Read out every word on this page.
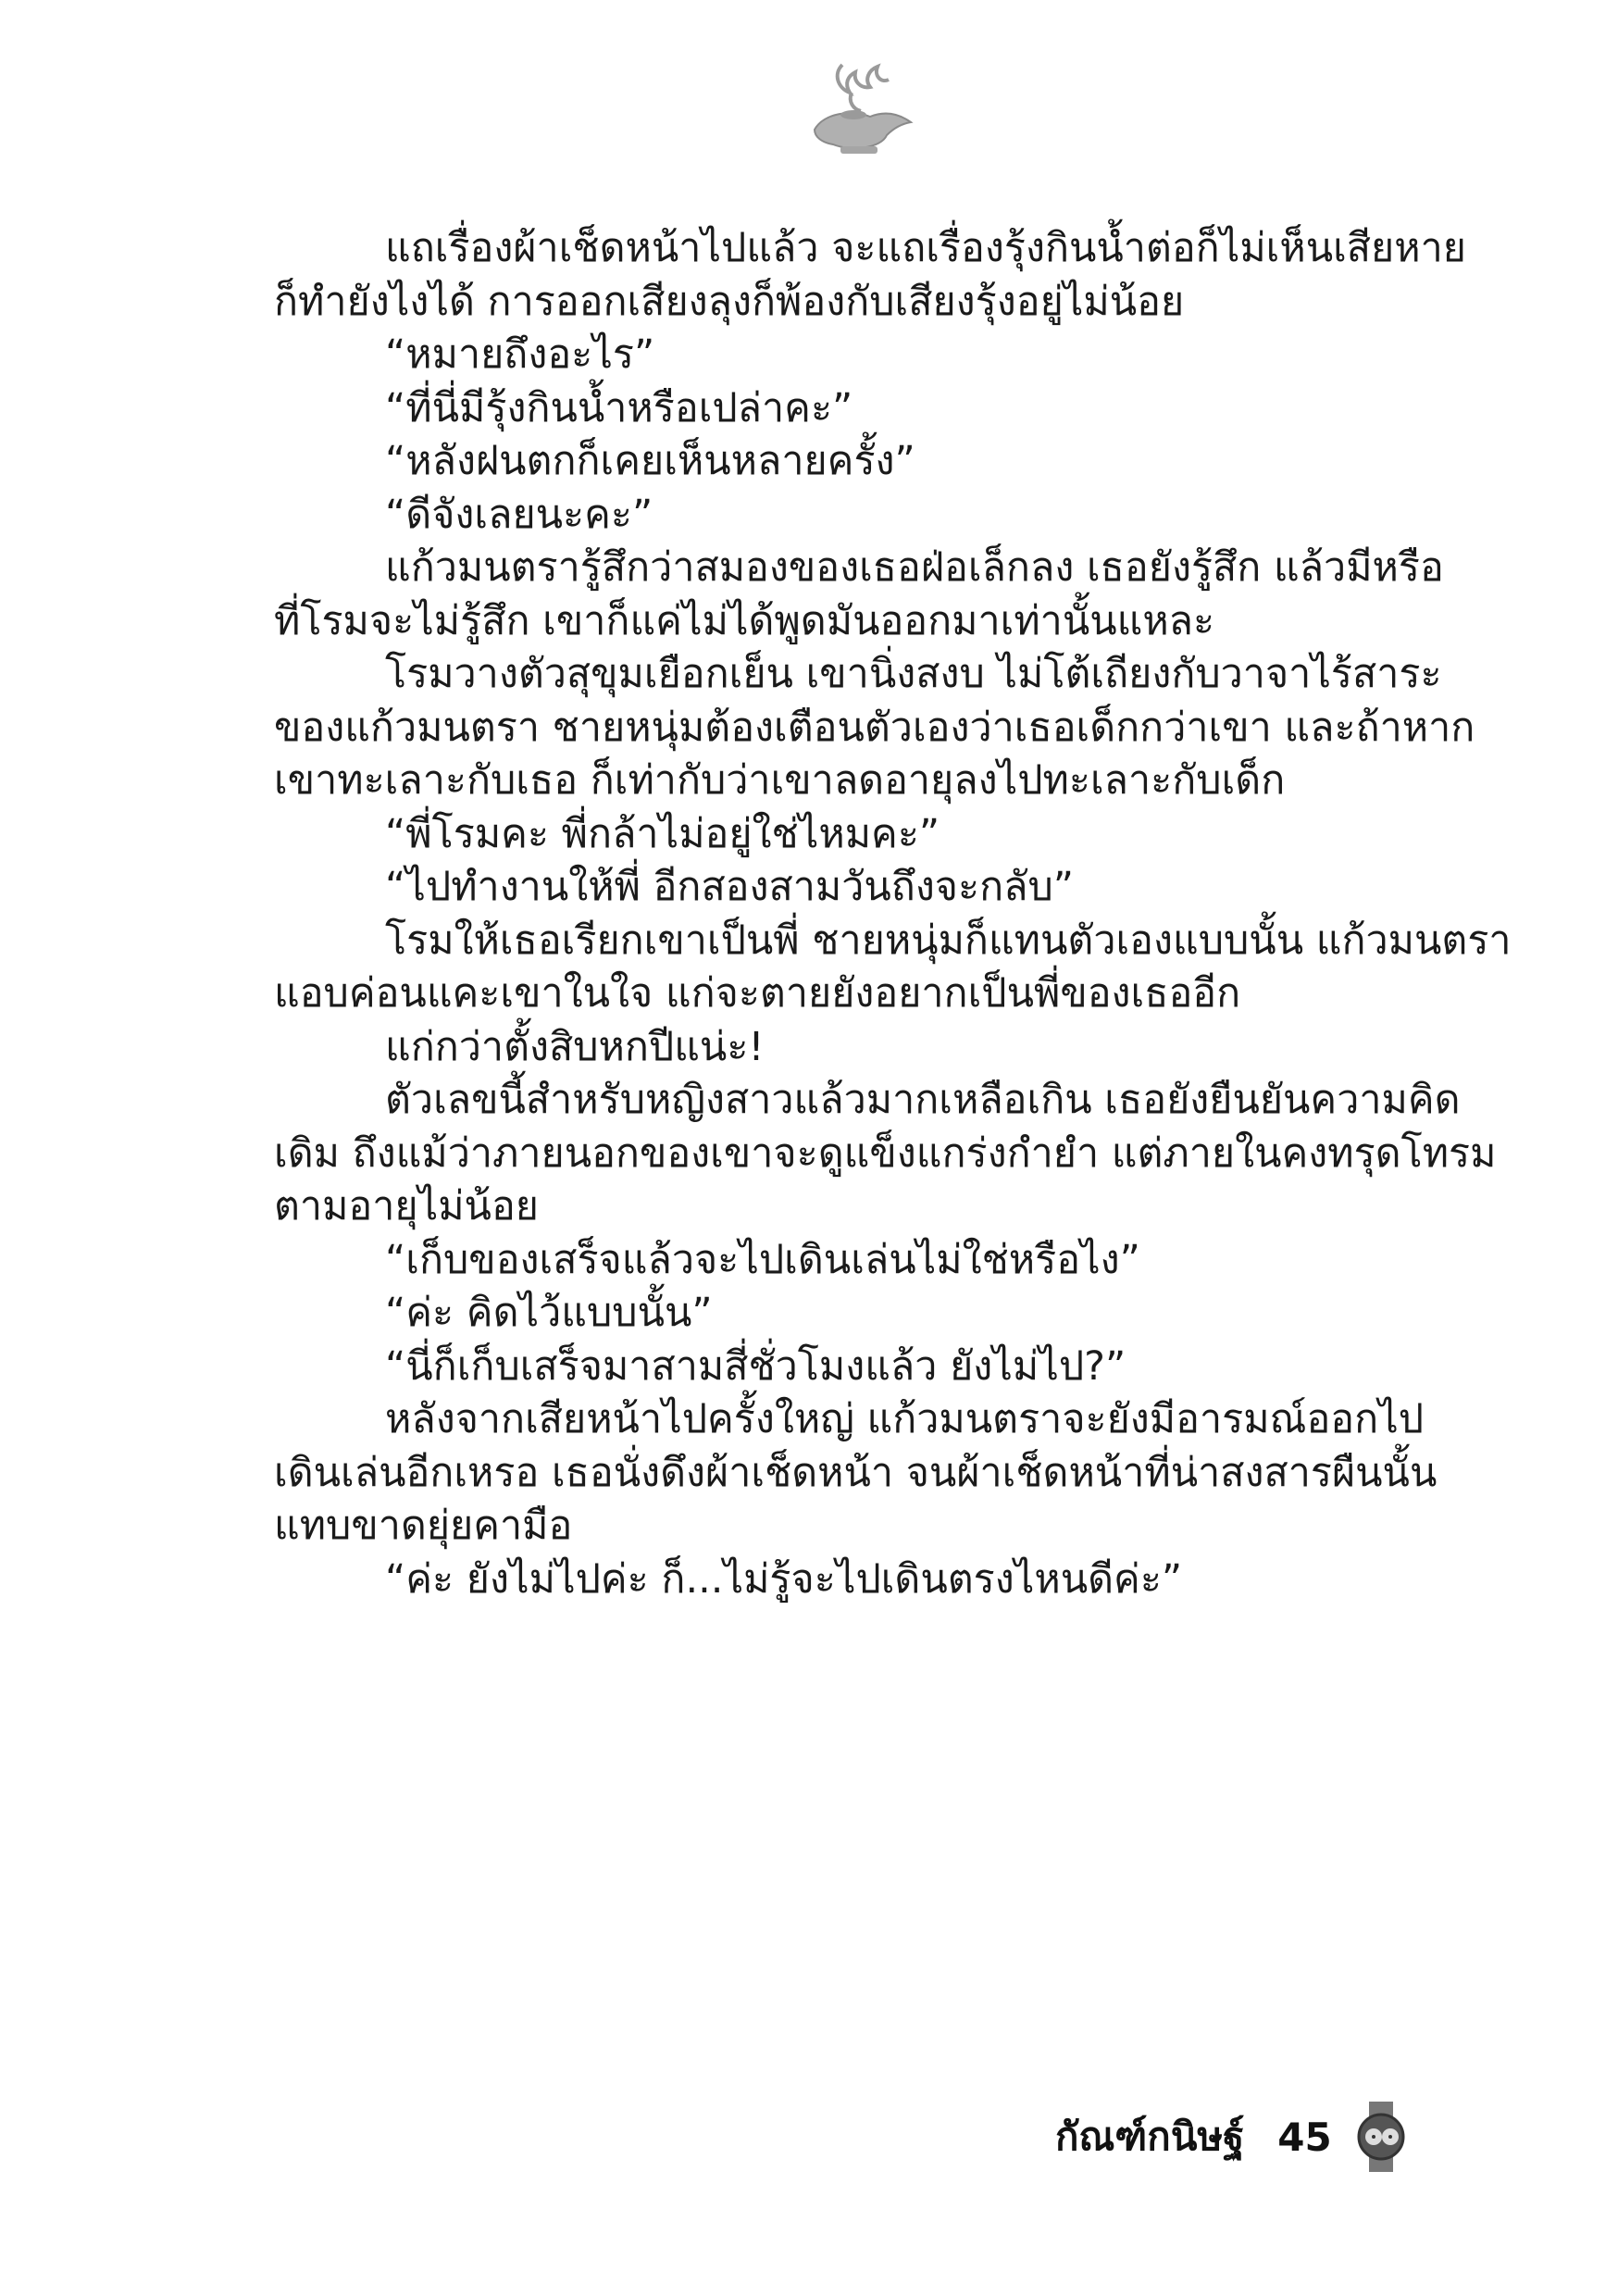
แถเรื่องผ้าเช็ดหน้าไปแล้ว จะแถเรื่องรุ้งกินน้ำต่อก็ไม่เห็นเสียหาย
ก็ทำยังไงได้ การออกเสียงลุงก็พ้องกับเสียงรุ้งอยู่ไม่น้อย
“หมายถึงอะไร”
“ที่นี่มีรุ้งกินน้ำหรือเปล่าคะ”
“หลังฝนตกก็เคยเห็นหลายครั้ง”
“ดีจังเลยนะคะ”
แก้วมนตรารู้สึกว่าสมองของเธอฝ่อเล็กลง เธอยังรู้สึก แล้วมีหรือ
ที่โรมจะไม่รู้สึก เขาก็แค่ไม่ได้พูดมันออกมาเท่านั้นแหละ
โรมวางตัวสุขุมเยือกเย็น เขานิ่งสงบ ไม่โต้เถียงกับวาจาไร้สาระ
ของแก้วมนตรา ชายหนุ่มต้องเตือนตัวเองว่าเธอเด็กกว่าเขา และถ้าหาก
เขาทะเลาะกับเธอ ก็เท่ากับว่าเขาลดอายุลงไปทะเลาะกับเด็ก
“พี่โรมคะ พี่กล้าไม่อยู่ใช่ไหมคะ”
“ไปทำงานให้พี่ อีกสองสามวันถึงจะกลับ”
โรมให้เธอเรียกเขาเป็นพี่ ชายหนุ่มก็แทนตัวเองแบบนั้น แก้วมนตรา
แอบค่อนแคะเขาในใจ แก่จะตายยังอยากเป็นพี่ของเธออีก
แก่กว่าตั้งสิบหกปีแน่ะ!
ตัวเลขนี้สำหรับหญิงสาวแล้วมากเหลือเกิน เธอยังยืนยันความคิด
เดิม ถึงแม้ว่าภายนอกของเขาจะดูแข็งแกร่งกำยำ แต่ภายในคงทรุดโทรม
ตามอายุไม่น้อย
“เก็บของเสร็จแล้วจะไปเดินเล่นไม่ใช่หรือไง”
“ค่ะ คิดไว้แบบนั้น”
“นี่ก็เก็บเสร็จมาสามสี่ชั่วโมงแล้ว ยังไม่ไป?”
หลังจากเสียหน้าไปครั้งใหญ่ แก้วมนตราจะยังมีอารมณ์ออกไป
เดินเล่นอีกเหรอ เธอนั่งดึงผ้าเช็ดหน้า จนผ้าเช็ดหน้าที่น่าสงสารผืนนั้น
แทบขาดยุ่ยคามือ
“ค่ะ ยังไม่ไปค่ะ ก็...ไม่รู้จะไปเดินตรงไหนดีค่ะ”
กัณฑ์กนิษฐ์ 45
